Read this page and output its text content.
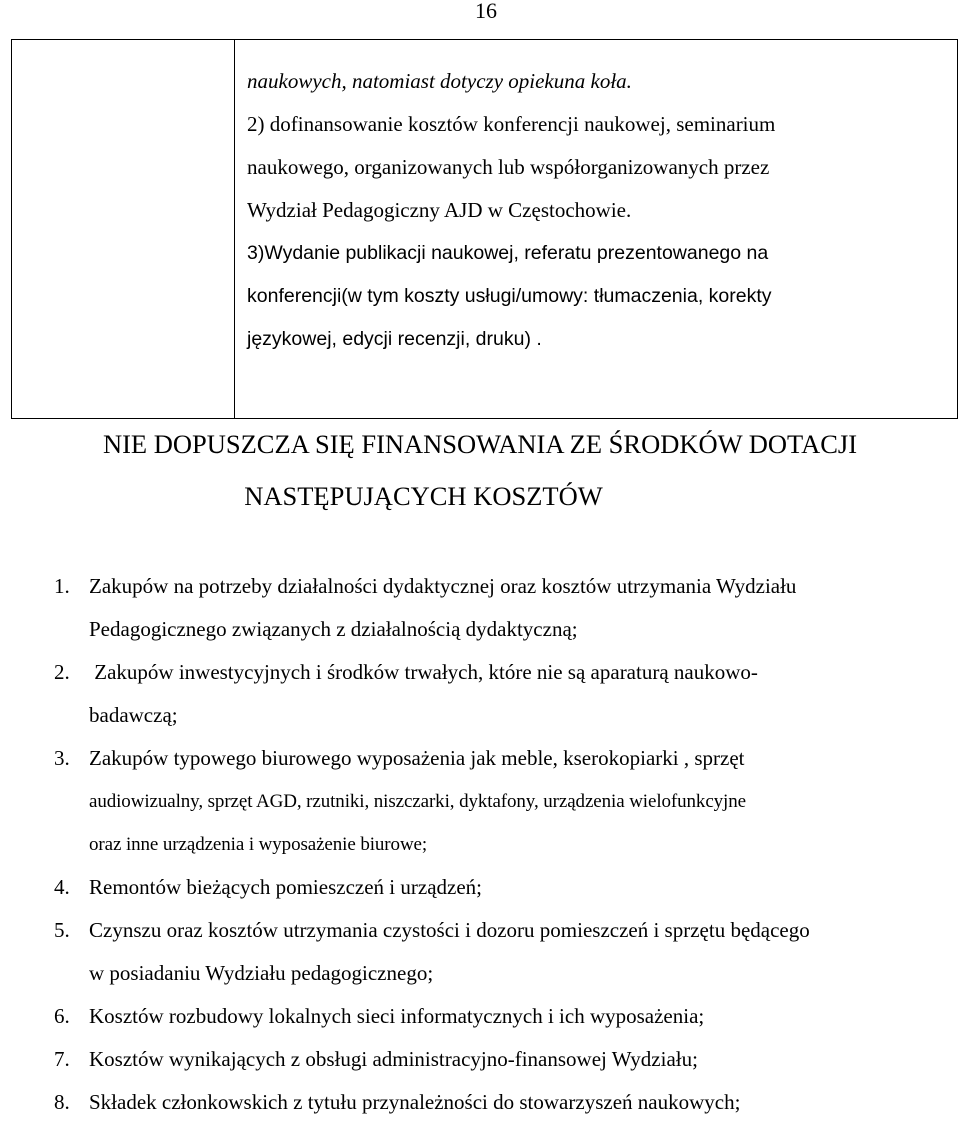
16
naukowych, natomiast dotyczy opiekuna koła.
2) dofinansowanie kosztów konferencji naukowej, seminarium
naukowego, organizowanych lub współorganizowanych przez
Wydział Pedagogiczny AJD w Częstochowie.
3)Wydanie publikacji naukowej, referatu prezentowanego na
konferencji(w tym koszty usługi/umowy: tłumaczenia, korekty
językowej, edycji recenzji, druku) .
NIE DOPUSZCZA SIĘ FINANSOWANIA ZE ŚRODKÓW DOTACJI
NASTĘPUJĄCYCH KOSZTÓW
1. Zakupów na potrzeby działalności dydaktycznej oraz kosztów utrzymania Wydziału
Pedagogicznego związanych z działalnością dydaktyczną;
2. Zakupów inwestycyjnych i środków trwałych, które nie są aparaturą naukowo-
badawczą;
3. Zakupów typowego biurowego wyposażenia jak meble, kserokopiarki , sprzęt
audiowizualny, sprzęt AGD, rzutniki, niszczarki, dyktafony, urządzenia wielofunkcyjne
oraz inne urządzenia i wyposażenie biurowe;
4. Remontów bieżących pomieszczeń i urządzeń;
5. Czynszu oraz kosztów utrzymania czystości i dozoru pomieszczeń i sprzętu będącego
w posiadaniu Wydziału pedagogicznego;
6. Kosztów rozbudowy lokalnych sieci informatycznych i ich wyposażenia;
7. Kosztów wynikających z obsługi administracyjno-finansowej Wydziału;
8. Składek członkowskich z tytułu przynależności do stowarzyszeń naukowych;
